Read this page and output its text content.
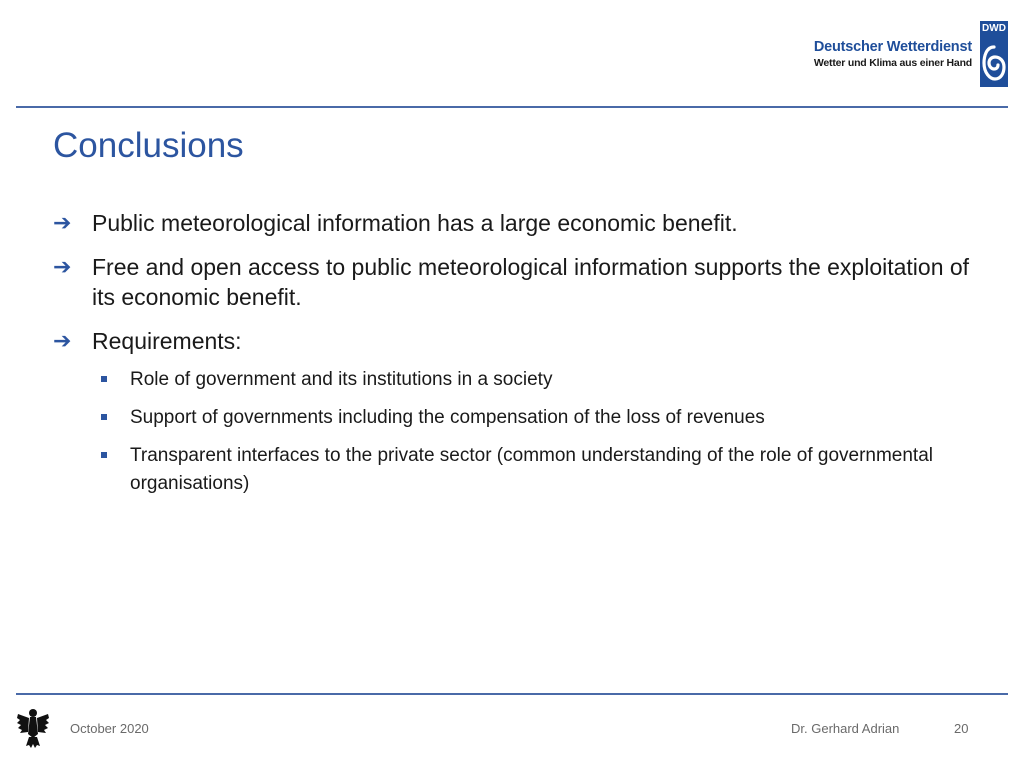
Deutscher Wetterdienst
Wetter und Klima aus einer Hand
DWD
Conclusions
➔ Public meteorological information has a large economic benefit.
➔ Free and open access to public meteorological information supports the exploitation of its economic benefit.
➔ Requirements:
Role of government and its institutions in a society
Support of governments including the compensation of the loss of revenues
Transparent interfaces to the private sector (common understanding of the role of governmental organisations)
October 2020	Dr. Gerhard Adrian	20
